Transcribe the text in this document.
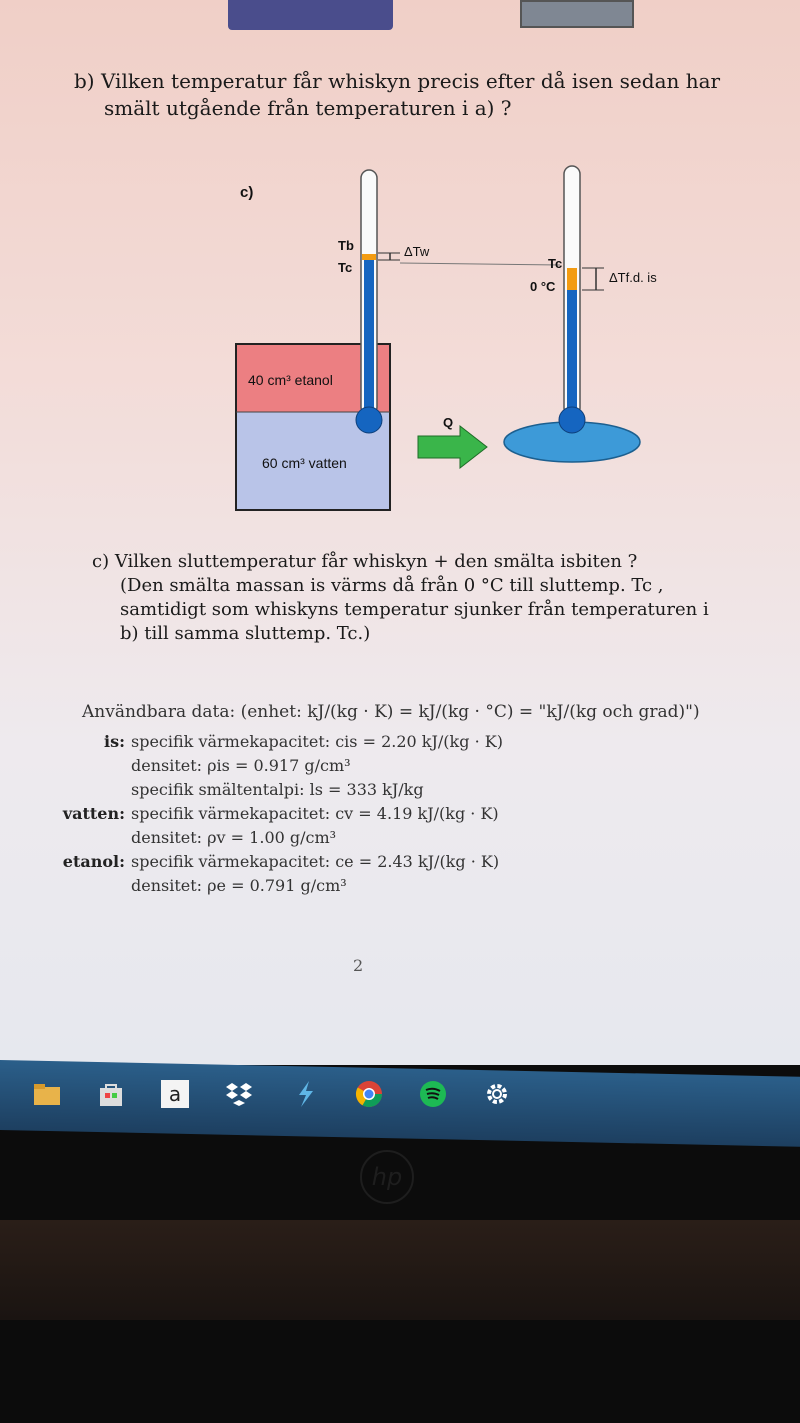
b) Vilken temperatur får whiskyn precis efter då isen sedan har
smält utgående från temperaturen i a) ?
c)
40 cm³ etanol
60 cm³ vatten
Tb
Tc
ΔTw
Q
Tc
0 °C
ΔTf.d. is
c) Vilken sluttemperatur får whiskyn + den smälta isbiten ?
(Den smälta massan is värms då från 0 °C till sluttemp. Tc ,
samtidigt som whiskyns temperatur sjunker från temperaturen i
b) till samma sluttemp. Tc.)
Användbara data: (enhet: kJ/(kg · K) = kJ/(kg · °C) = "kJ/(kg och grad)")
is: specifik värmekapacitet: cis = 2.20 kJ/(kg · K)
densitet: ρis = 0.917 g/cm³
specifik smältentalpi: ls = 333 kJ/kg
vatten: specifik värmekapacitet: cv = 4.19 kJ/(kg · K)
densitet: ρv = 1.00 g/cm³
etanol: specifik värmekapacitet: ce = 2.43 kJ/(kg · K)
densitet: ρe = 0.791 g/cm³
2
a
hp
